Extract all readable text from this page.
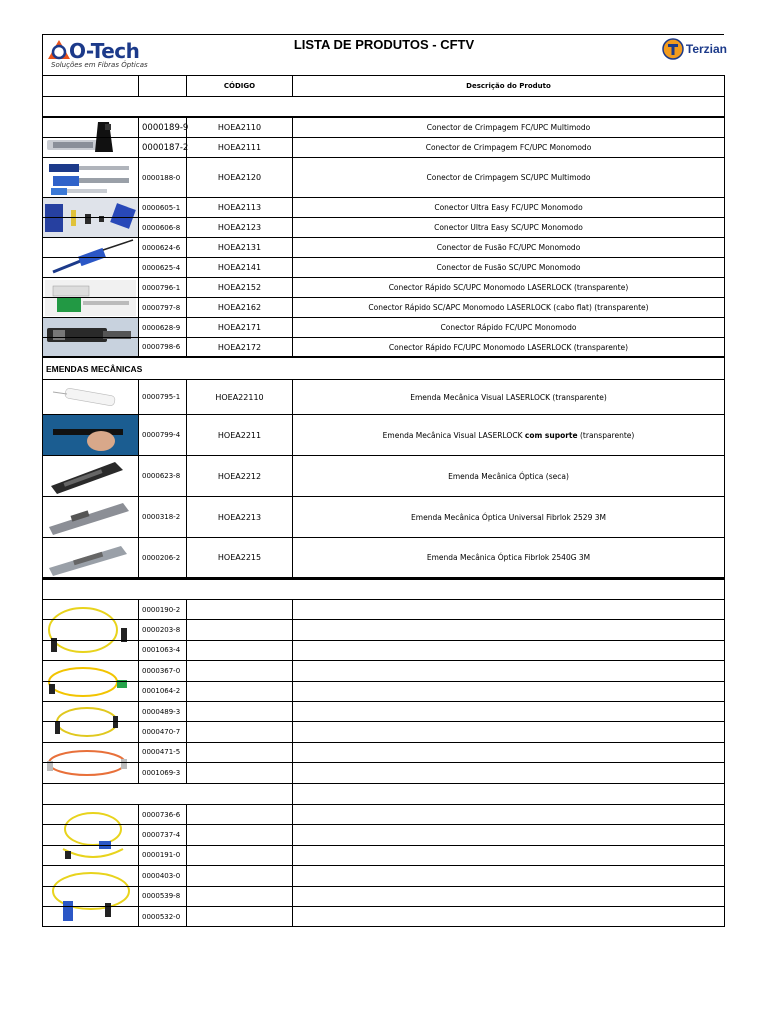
O-Tech
Soluções em Fibras Ópticas
LISTA DE PRODUTOS - CFTV	Terzian
CÓDIGO	Descrição do Produto
EMENDAS MECÂNICAS
0000189-9	HOEA2110	Conector de Crimpagem FC/UPC Multimodo
0000187-2	HOEA2111	Conector de Crimpagem FC/UPC Monomodo
0000188-0	HOEA2120	Conector de Crimpagem SC/UPC Multimodo
0000605-1	HOEA2113	Conector Ultra Easy FC/UPC Monomodo
0000606-8	HOEA2123	Conector Ultra Easy SC/UPC Monomodo
0000624-6	HOEA2131	Conector de Fusão FC/UPC Monomodo
0000625-4	HOEA2141	Conector de Fusão SC/UPC Monomodo
0000796-1	HOEA2152	Conector Rápido SC/UPC Monomodo LASERLOCK (transparente)
0000797-8	HOEA2162	Conector Rápido SC/APC Monomodo LASERLOCK (cabo flat) (transparente)
0000628-9	HOEA2171	Conector Rápido FC/UPC Monomodo
0000798-6	HOEA2172	Conector Rápido FC/UPC Monomodo LASERLOCK (transparente)
0000795-1	HOEA22110	Emenda Mecânica Visual LASERLOCK (transparente)
0000799-4	HOEA2211	Emenda Mecânica Visual LASERLOCK com suporte (transparente)
0000623-8	HOEA2212	Emenda Mecânica Óptica (seca)
0000318-2	HOEA2213	Emenda Mecânica Óptica Universal Fibrlok 2529 3M
0000206-2	HOEA2215	Emenda Mecânica Óptica Fibrlok 2540G 3M
0000190-2
0000203-8
0001063-4
0000367-0
0001064-2
0000489-3
0000470-7
0000471-5
0001069-3
0000736-6
0000737-4
0000191-0
0000403-0
0000539-8
0000532-0
